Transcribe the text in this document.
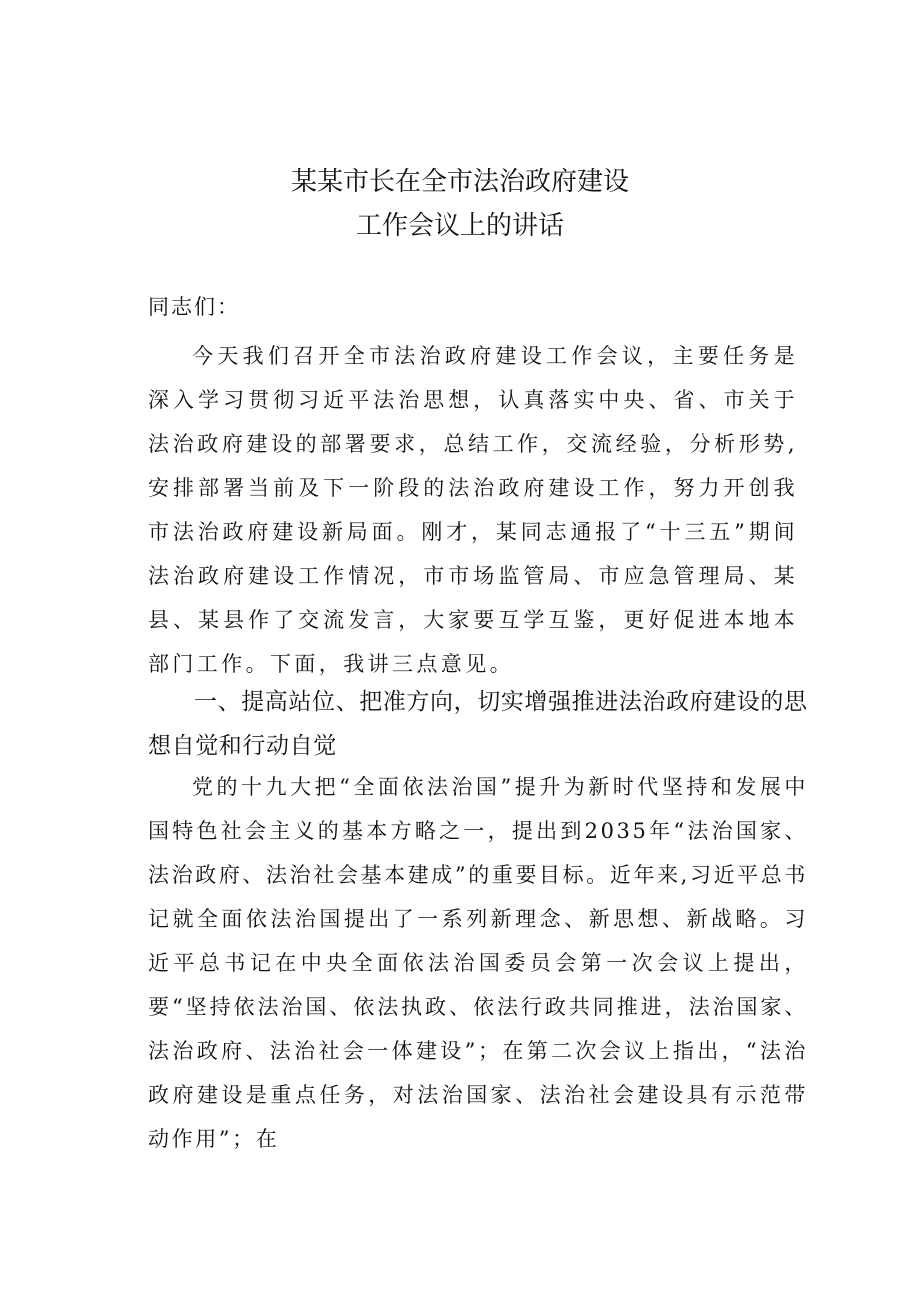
某某市长在全市法治政府建设
工作会议上的讲话
同志们：
今天我们召开全市法治政府建设工作会议，主要任务是深入学习贯彻习近平法治思想，认真落实中央、省、市关于法治政府建设的部署要求，总结工作，交流经验，分析形势,安排部署当前及下一阶段的法治政府建设工作，努力开创我市法治政府建设新局面。刚才，某同志通报了“十三五”期间法治政府建设工作情况，市市场监管局、市应急管理局、某县、某县作了交流发言，大家要互学互鉴，更好促进本地本部门工作。下面，我讲三点意见。
一、提高站位、把准方向，切实增强推进法治政府建设的思想自觉和行动自觉
党的十九大把“全面依法治国”提升为新时代坚持和发展中国特色社会主义的基本方略之一，提出到2035年“法治国家、法治政府、法治社会基本建成”的重要目标。近年来,习近平总书记就全面依法治国提出了一系列新理念、新思想、新战略。习近平总书记在中央全面依法治国委员会第一次会议上提出，要“坚持依法治国、依法执政、依法行政共同推进，法治国家、法治政府、法治社会一体建设”；在第二次会议上指出，“法治政府建设是重点任务，对法治国家、法治社会建设具有示范带动作用”；在
